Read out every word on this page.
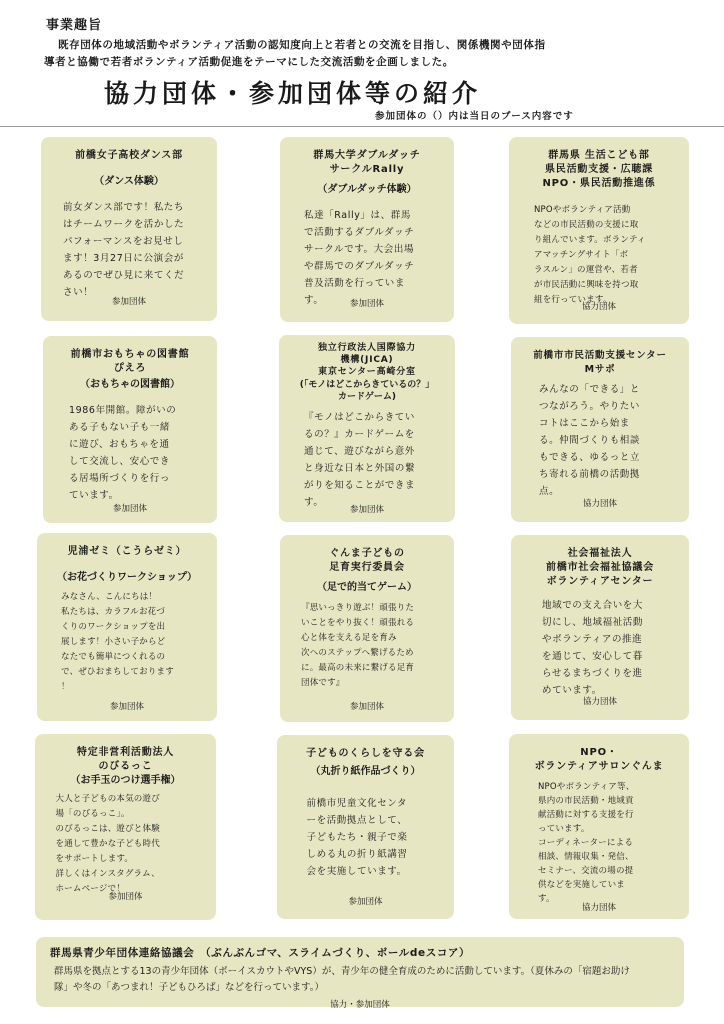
事業趣旨
既存団体の地域活動やボランティア活動の認知度向上と若者との交流を目指し、関係機関や団体指
導者と協働で若者ボランティア活動促進をテーマにした交流活動を企画しました。
協力団体・参加団体等の紹介
参加団体の（）内は当日のブース内容です
前橋女子高校ダンス部
（ダンス体験）
前女ダンス部です！私たち
はチームワークを活かした
パフォーマンスをお見せし
ます！3月27日に公演会が
あるのでぜひ見に来てくだ
さい！
参加団体
群馬大学ダブルダッチ
サークルRally
（ダブルダッチ体験）
私達「Rally」は、群馬
で活動するダブルダッチ
サークルです。大会出場
や群馬でのダブルダッチ
普及活動を行っていま
す。	参加団体
群馬県 生活こども部
県民活動支援・広聴課
NPO・県民活動推進係
NPOやボランティア活動
などの市民活動の支援に取
り組んでいます。ボランティ
アマッチングサイト「ボ
ラスルン」の運営や、若者
が市民活動に興味を持つ取
組を行っています。
協力団体
前橋市おもちゃの図書館
ぴえろ
（おもちゃの図書館）
1986年開館。障がいの
ある子もない子も一緒
に遊び、おもちゃを通
して交流し、安心でき
る居場所づくりを行っ
ています。
参加団体
独立行政法人国際協力
機構(JICA)
東京センター高崎分室
(「モノはどこからきているの？」
カードゲーム)
『モノはどこからきてい
るの？』カードゲームを
通じて、遊びながら意外
と身近な日本と外国の繋
がりを知ることができま
す。
参加団体
前橋市市民活動支援センター
Mサポ
みんなの「できる」と
つながろう。やりたい
コトはここから始ま
る。仲間づくりも相談
もできる、ゆるっと立
ち寄れる前橋の活動拠
点。
協力団体
児浦ゼミ（こうらゼミ）
（お花づくりワークショップ）
みなさん、こんにちは！
私たちは、カラフルお花づ
くりのワークショップを出
展します！小さい子からど
なたでも簡単につくれるの
で、ぜひおまちしております
！
参加団体
ぐんま子どもの
足育実行委員会
（足で的当てゲーム）
『思いっきり遊ぶ！頑張りた
いことをやり抜く！頑張れる
心と体を支える足を育み
次へのステップへ繋げるため
に。最高の未来に繋げる足育
団体です』
参加団体
社会福祉法人
前橋市社会福祉協議会
ボランティアセンター
地域での支え合いを大
切にし、地域福祉活動
やボランティアの推進
を通じて、安心して暮
らせるまちづくりを進
めています。
協力団体
特定非営利活動法人
のびるっこ
（お手玉のつけ選手権）
大人と子どもの本気の遊び
場「のびるっこ」。
のびるっこは、遊びと体験
を通して豊かな子ども時代
をサポートします。
詳しくはインスタグラム、
ホームページで！
参加団体
子どものくらしを守る会
（丸折り紙作品づくり）
前橋市児童文化センタ
ーを活動拠点として、
子どもたち・親子で楽
しめる丸の折り紙講習
会を実施しています。
参加団体
NPO・
ボランティアサロンぐんま
NPOやボランティア等、
県内の市民活動・地域貢
献活動に対する支援を行
っています。
コーディネーターによる
相談、情報収集・発信、
セミナー、交流の場の提
供などを実施していま
す。
協力団体
群馬県青少年団体連絡協議会　（ぶんぶんゴマ、スライムづくり、ボールdeスコア）
群馬県を拠点とする13の青少年団体（ボーイスカウトやVYS）が、青少年の健全育成のために活動しています。（夏休みの「宿題お助け
隊」や冬の「あつまれ！子どもひろば」などを行っています。）
協力・参加団体
